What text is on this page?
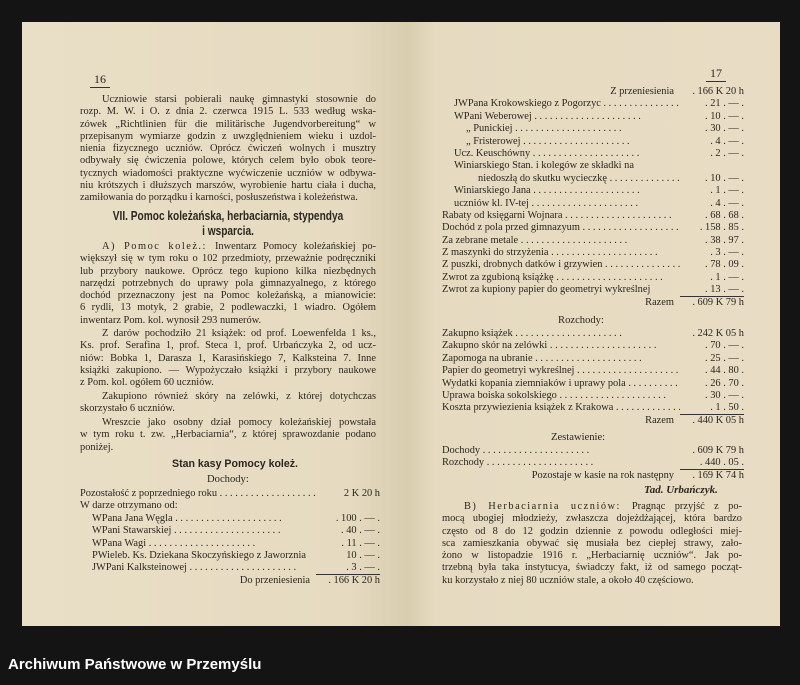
16
Uczniowie starsi pobierali naukę gimnastyki stosownie do
rozp. M. W. i O. z dnia 2. czerwca 1915 L. 533 według wska-
zówek „Richtlinien für die militärische Jugendvorbereitung“ w
przepisanym wymiarze godzin z uwzględnieniem wieku i uzdol-
nienia fizycznego uczniów. Oprócz ćwiczeń wolnych i musztry
odbywały się ćwiczenia polowe, których celem było obok teore-
tycznych wiadomości praktyczne wyćwiczenie uczniów w odbywa-
niu krótszych i dłuższych marszów, wyrobienie hartu ciała i ducha,
zamiłowania do porządku i karności, posłuszeństwa i koleżeństwa.
VII. Pomoc koleżańska, herbaciarnia, stypendya
i wsparcia.
A) Pomoc koleż.: Inwentarz Pomocy koleżańskiej po-
większył się w tym roku o 102 przedmioty, przeważnie podręczniki
lub przybory naukowe. Oprócz tego kupiono kilka niezbędnych
narzędzi potrzebnych do uprawy pola gimnazyalnego, z którego
dochód przeznaczony jest na Pomoc koleżańską, a mianowicie:
6 rydli, 13 motyk, 2 grabie, 2 podlewaczki, 1 wiadro. Ogółem
inwentarz Pom. kol. wynosił 293 numerów.
Z darów pochodziło 21 książek: od prof. Loewenfelda 1 ks.,
Ks. prof. Serafina 1, prof. Steca 1, prof. Urbańczyka 2, od ucz-
niów: Bobka 1, Darasza 1, Karasińskiego 7, Kalksteina 7. Inne
książki zakupiono. — Wypożyczało książki i przybory naukowe
z Pom. kol. ogółem 60 uczniów.
Zakupiono również skóry na zelówki, z której dotychczas
skorzystało 6 uczniów.
Wreszcie jako osobny dział pomocy koleżańskiej powstała
w tym roku t. zw. „Herbaciarnia“, z której sprawozdanie podano
poniżej.
Stan kasy Pomocy koleż.
Dochody:
Pozostałość z poprzedniego roku . .	2 K 20 h
W darze otrzymano od:
WPana Jana Węgla . .	. 100 . — .
WPani Stawarskiej . .	. 40 . — .
WPana Wagi . .	. 11 . — .
PWieleb. Ks. Dziekana Skoczyńskiego z Jaworznia	10 . — .
JWPani Kalksteinowej . .	. 3 . — .
Do przeniesienia	. 166 K 20 h
17
Z przeniesienia	. 166 K 20 h
JWPana Krokowskiego z Pogorzyc . .	. 21 . — .
WPani Weberowej . .	. 10 . — .
„ Punickiej . .	. 30 . — .
„ Fristerowej . .	. 4 . — .
Ucz. Keuschówny . .	. 2 . — .
Winiarskiego Stan. i kolegów ze składki na
niedoszłą do skutku wycieczkę . .	. 10 . — .
Winiarskiego Jana . .	. 1 . — .
uczniów kl. IV-tej . .	. 4 . — .
Rabaty od księgarni Wojnara . .	. 68 . 68 .
Dochód z pola przed gimnazyum . .	. 158 . 85 .
Za zebrane metale . .	. 38 . 97 .
Z maszynki do strzyżenia . .	. 3 . — .
Z puszki, drobnych datków i grzywien . .	. 78 . 09 .
Zwrot za zgubioną książkę . .	. 1 . — .
Zwrot za kupiony papier do geometryi wykreślnej	. 13 . — .
Razem	. 609 K 79 h
Rozchody:
Zakupno książek . .	. 242 K 05 h
Zakupno skór na zelówki . .	. 70 . — .
Zapomoga na ubranie . .	. 25 . — .
Papier do geometryi wykreślnej . .	. 44 . 80 .
Wydatki kopania ziemniaków i uprawy pola . .	. 26 . 70 .
Uprawa boiska sokolskiego . .	. 30 . — .
Koszta przywiezienia książek z Krakowa . .	. 1 . 50 .
Razem	. 440 K 05 h
Zestawienie:
Dochody . .	. 609 K 79 h
Rozchody . .	. 440 . 05 .
Pozostaje w kasie na rok następny	. 169 K 74 h
Tad. Urbańczyk.
B) Herbaciarnia uczniów: Pragnąc przyjść z po-
mocą ubogiej młodzieży, zwłaszcza dojeżdżającej, która bardzo
często od 8 do 12 godzin dziennie z powodu odległości miej-
sca zamieszkania obywać się musiała bez ciepłej strawy, zało-
żono w listopadzie 1916 r. „Herbaciarnię uczniów“. Jak po-
trzebną była taka instytucya, świadczy fakt, iż od samego począt-
ku korzystało z niej 80 uczniów stale, a około 40 częściowo.
Archiwum Państwowe w Przemyślu
